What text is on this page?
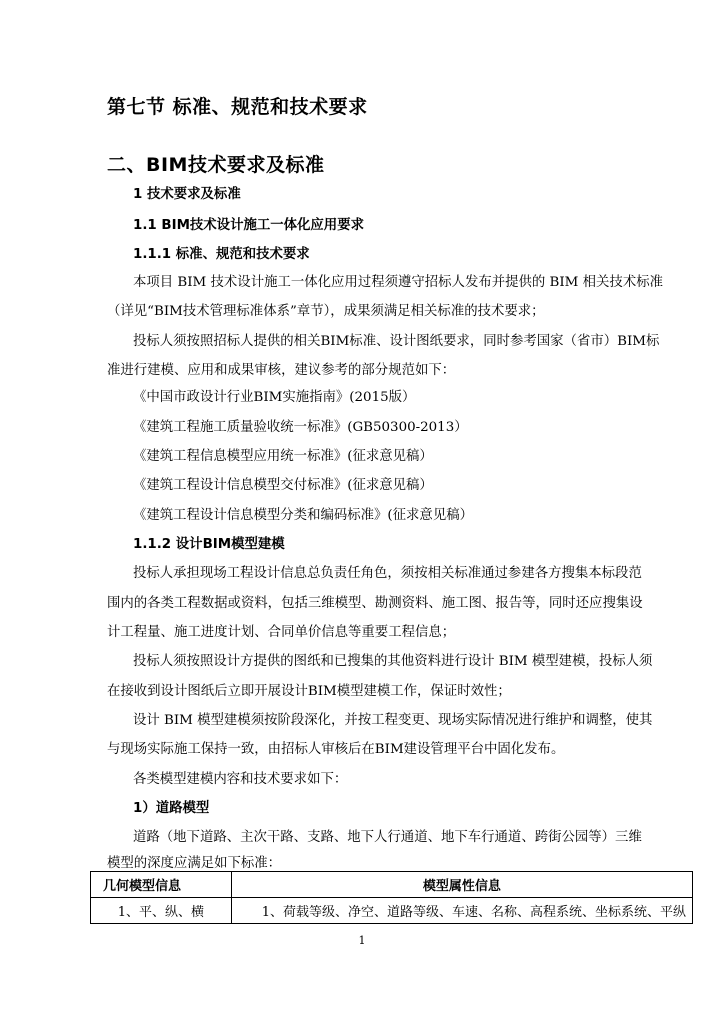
第七节 标准、规范和技术要求
二、BIM技术要求及标准
1 技术要求及标准
1.1 BIM技术设计施工一体化应用要求
1.1.1 标准、规范和技术要求
本项目 BIM 技术设计施工一体化应用过程须遵守招标人发布并提供的 BIM 相关技术标准
（详见“BIM技术管理标准体系”章节），成果须满足相关标准的技术要求；
投标人须按照招标人提供的相关BIM标准、设计图纸要求，同时参考国家（省市）BIM标
准进行建模、应用和成果审核，建议参考的部分规范如下：
《中国市政设计行业BIM实施指南》(2015版）
《建筑工程施工质量验收统一标准》(GB50300-2013）
《建筑工程信息模型应用统一标准》(征求意见稿）
《建筑工程设计信息模型交付标准》(征求意见稿）
《建筑工程设计信息模型分类和编码标准》(征求意见稿）
1.1.2 设计BIM模型建模
投标人承担现场工程设计信息总负责任角色，须按相关标准通过参建各方搜集本标段范
围内的各类工程数据或资料，包括三维模型、勘测资料、施工图、报告等，同时还应搜集设
计工程量、施工进度计划、合同单价信息等重要工程信息；
投标人须按照设计方提供的图纸和已搜集的其他资料进行设计 BIM 模型建模，投标人须
在接收到设计图纸后立即开展设计BIM模型建模工作，保证时效性；
设计 BIM 模型建模须按阶段深化，并按工程变更、现场实际情况进行维护和调整，使其
与现场实际施工保持一致，由招标人审核后在BIM建设管理平台中固化发布。
各类模型建模内容和技术要求如下：
1）道路模型
道路（地下道路、主次干路、支路、地下人行通道、地下车行通道、跨街公园等）三维
模型的深度应满足如下标准：
几何模型信息	模型属性信息
1、平、纵、横	1、荷载等级、净空、道路等级、车速、名称、高程系统、坐标系统、平纵
1
